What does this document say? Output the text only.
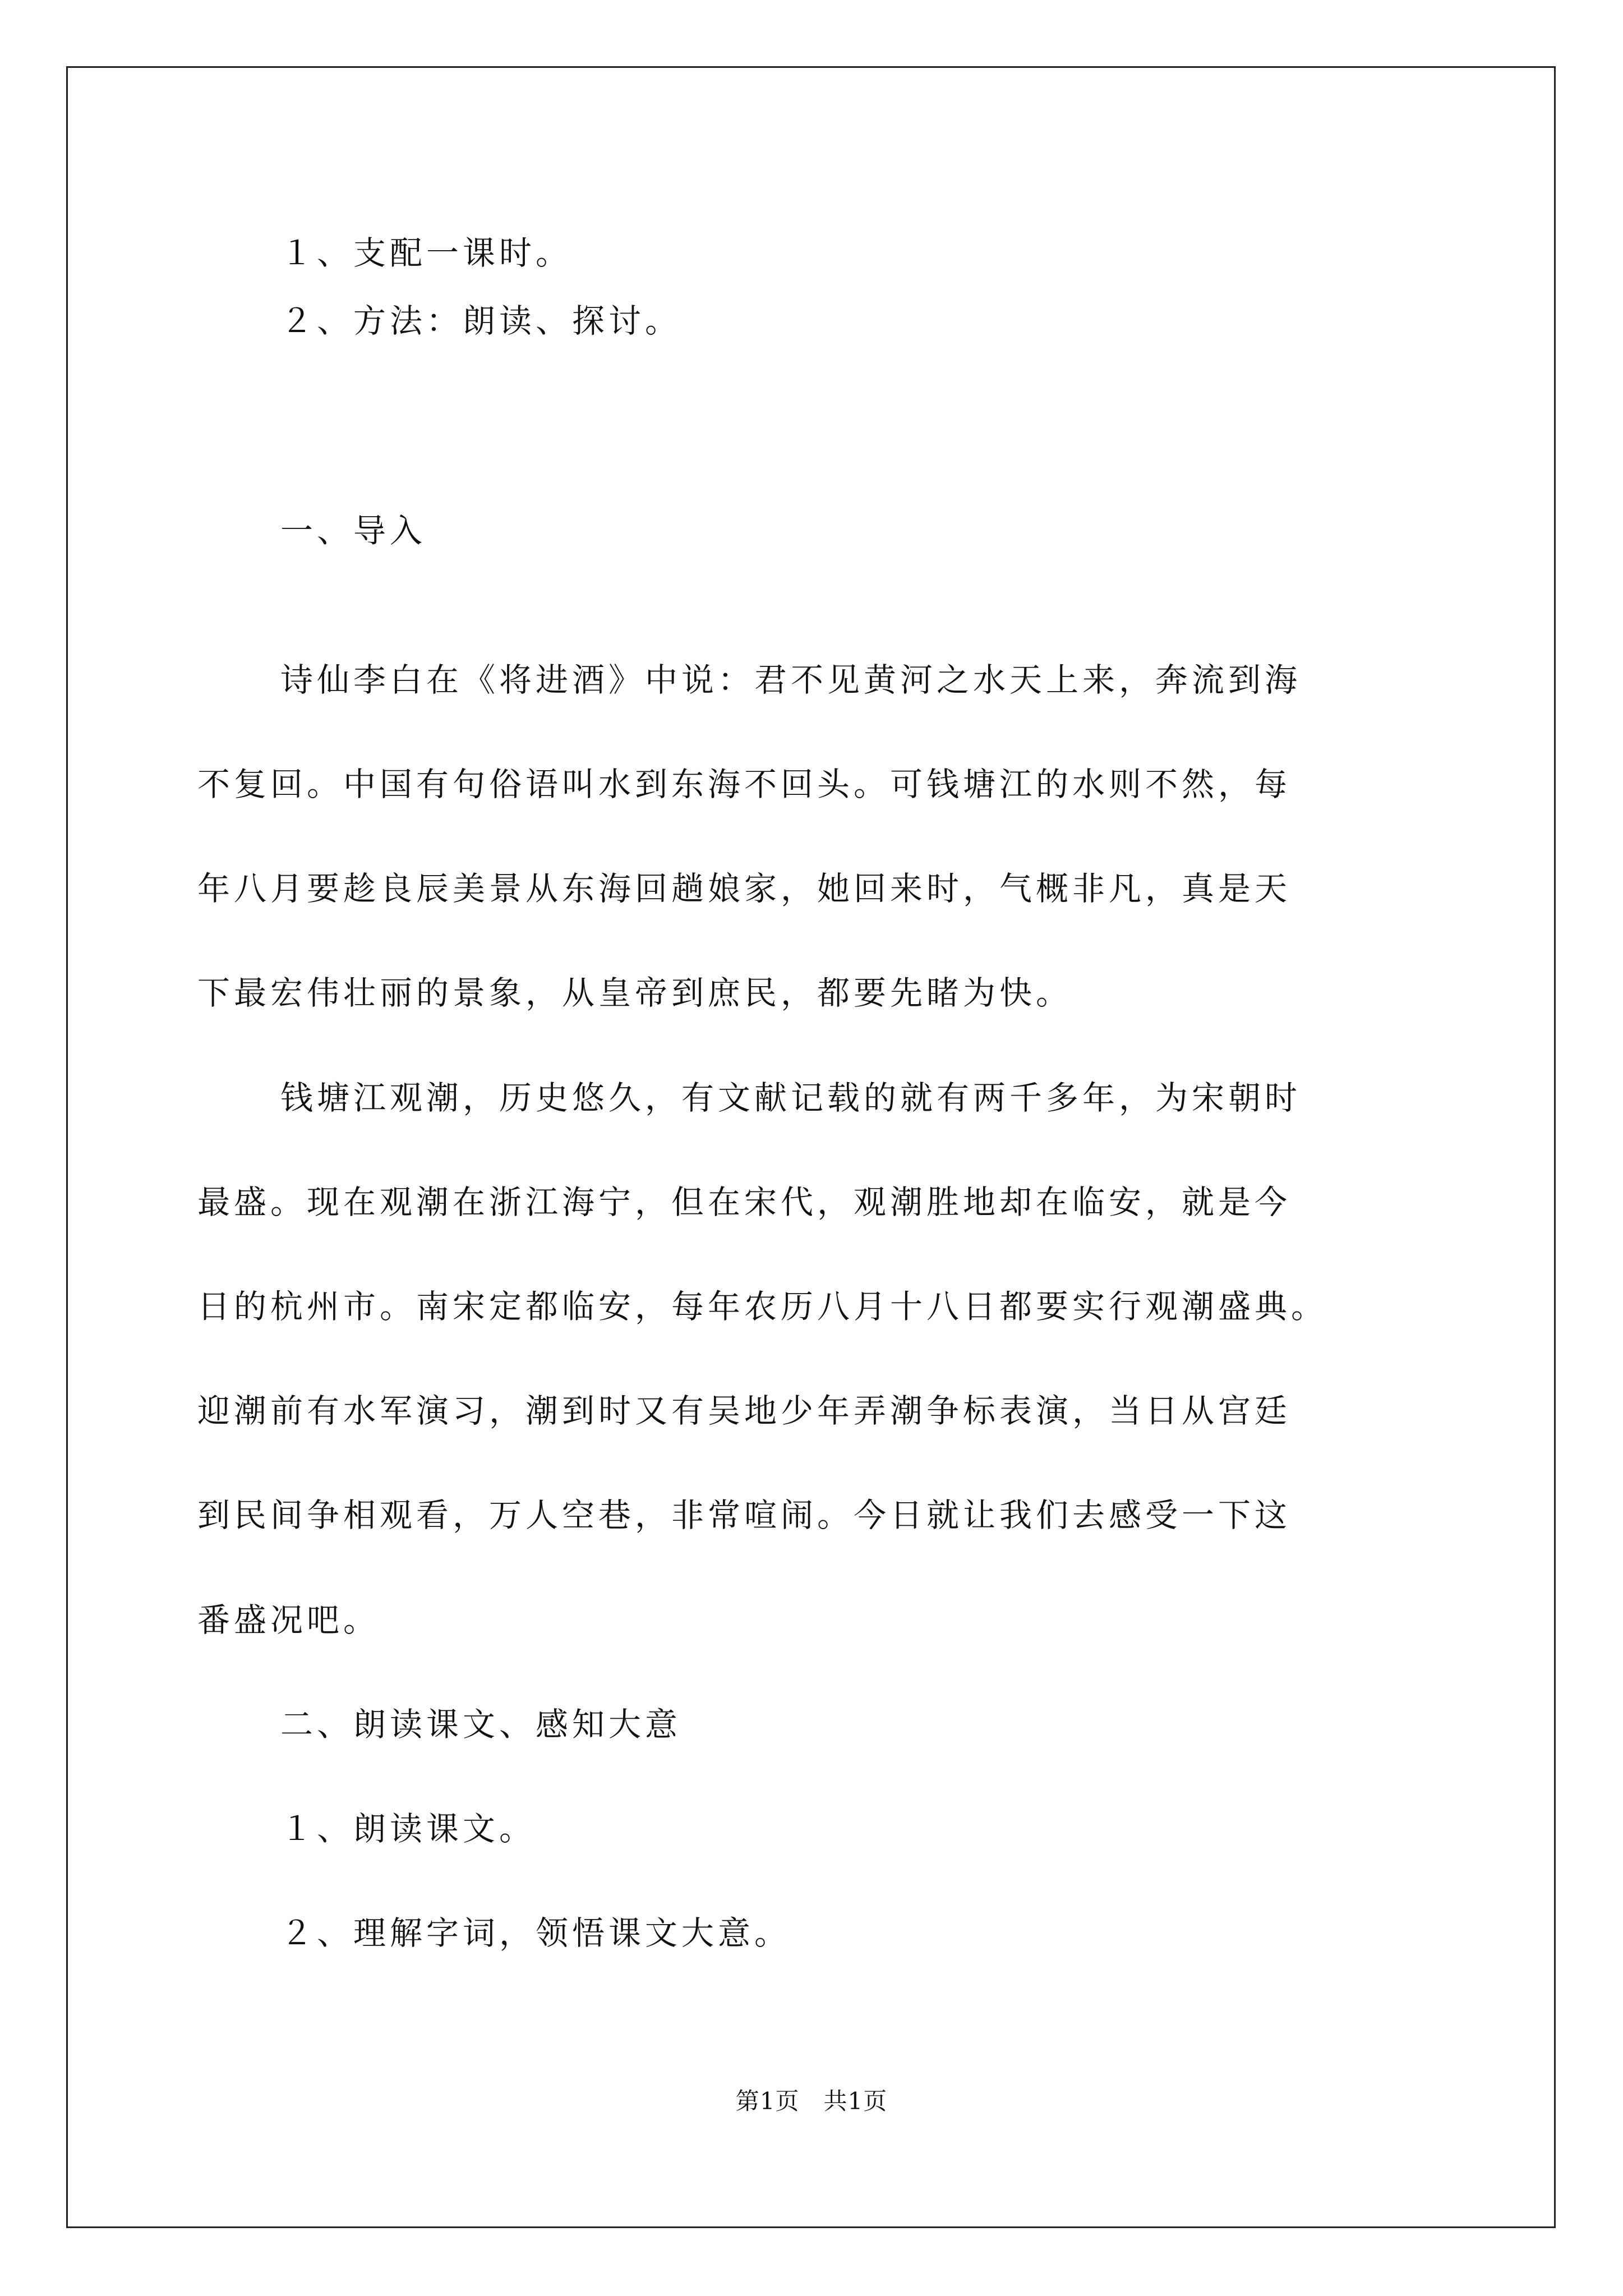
１、支配一课时。
２、方法：朗读、探讨。
一、导入
诗仙李白在《将进酒》中说：君不见黄河之水天上来，奔流到海
不复回。中国有句俗语叫水到东海不回头。可钱塘江的水则不然，每
年八月要趁良辰美景从东海回趟娘家，她回来时，气概非凡，真是天
下最宏伟壮丽的景象，从皇帝到庶民，都要先睹为快。
钱塘江观潮，历史悠久，有文献记载的就有两千多年，为宋朝时
最盛。现在观潮在浙江海宁，但在宋代，观潮胜地却在临安，就是今
日的杭州市。南宋定都临安，每年农历八月十八日都要实行观潮盛典。
迎潮前有水军演习，潮到时又有吴地少年弄潮争标表演，当日从宫廷
到民间争相观看，万人空巷，非常喧闹。今日就让我们去感受一下这
番盛况吧。
二、朗读课文、感知大意
１、朗读课文。
２、理解字词，领悟课文大意。
第1页   共1页
